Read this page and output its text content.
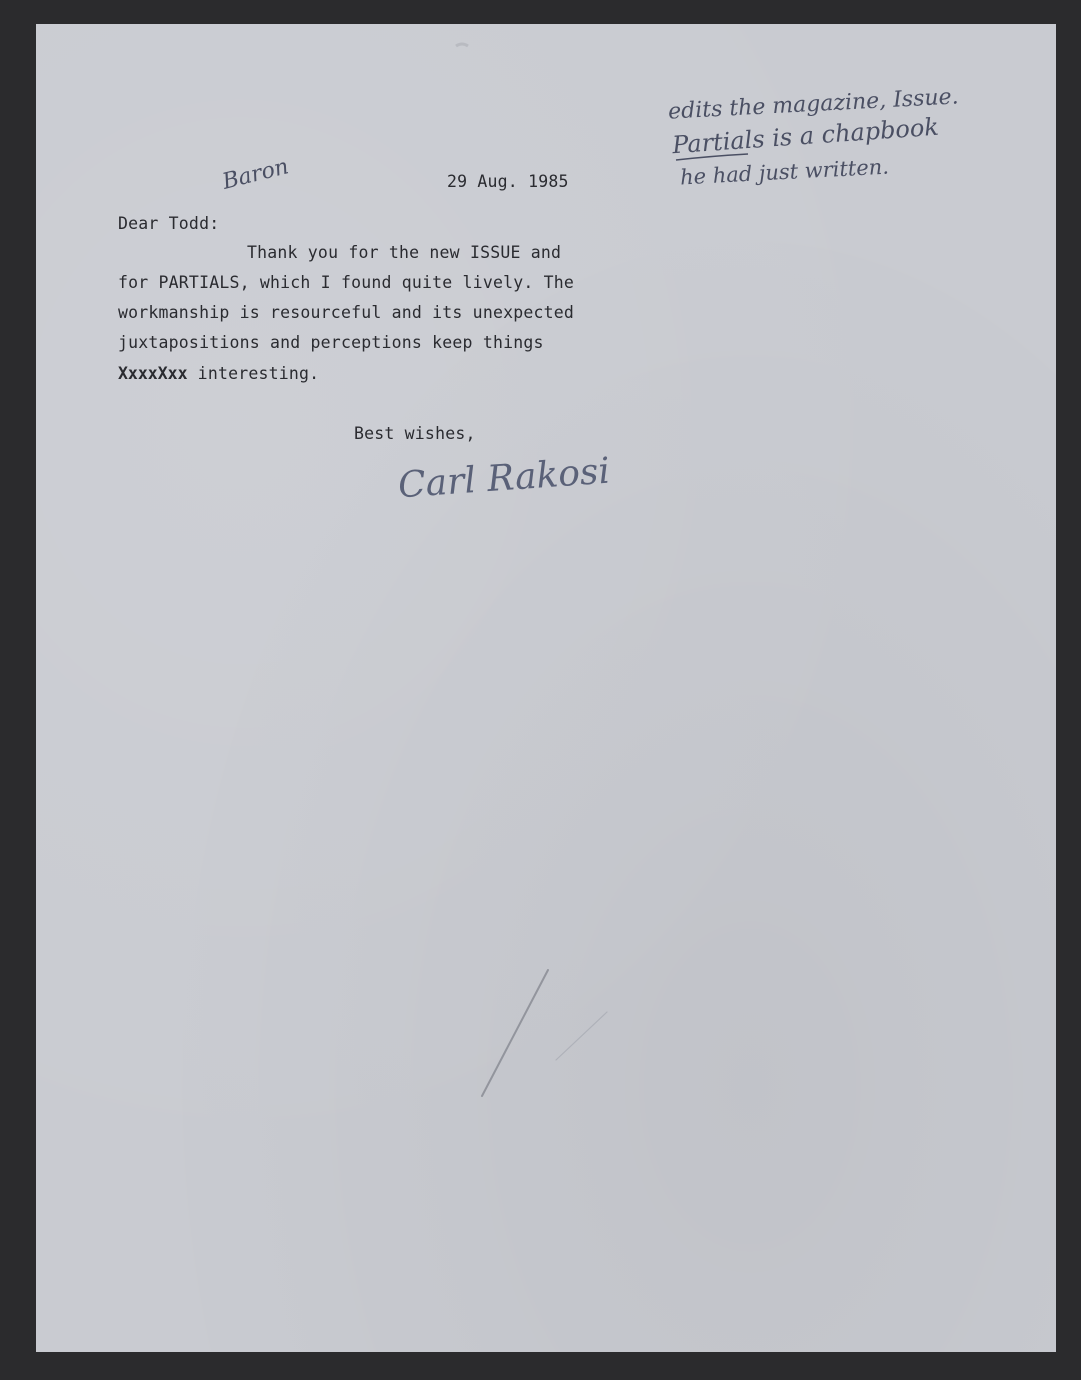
Baron	29 Aug. 1985
edits the magazine, Issue.
Partials is a chapbook
he had just written.
Dear Todd:
Thank you for the new ISSUE and
for PARTIALS, which I found quite lively. The
workmanship is resourceful and its unexpected
juxtapositions and perceptions keep things
XxxxXxx interesting.
Best wishes,
Carl Rakosi
